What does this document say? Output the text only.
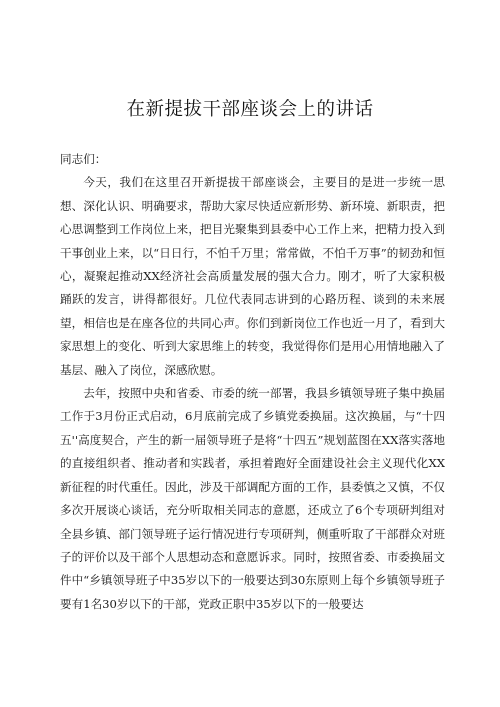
在新提拔干部座谈会上的讲话

同志们：

今天，我们在这里召开新提拔干部座谈会，主要目的是进一步统一思想、深化认识、明确要求，帮助大家尽快适应新形势、新环境、新职责，把心思调整到工作岗位上来，把目光聚集到县委中心工作上来，把精力投入到干事创业上来，以“日日行，不怕千万里；常常做，不怕千万事”的韧劲和恒心，凝聚起推动XX经济社会高质量发展的强大合力。刚才，听了大家积极踊跃的发言，讲得都很好。几位代表同志讲到的心路历程、谈到的未来展望，相信也是在座各位的共同心声。你们到新岗位工作也近一月了，看到大家思想上的变化、听到大家思维上的转变，我觉得你们是用心用情地融入了基层、融入了岗位，深感欣慰。

去年，按照中央和省委、市委的统一部署，我县乡镇领导班子集中换届工作于3月份正式启动，6月底前完成了乡镇党委换届。这次换届，与“十四五''高度契合，产生的新一届领导班子是将“十四五”规划蓝图在XX落实落地的直接组织者、推动者和实践者，承担着跑好全面建设社会主义现代化XX新征程的时代重任。因此，涉及干部调配方面的工作，县委慎之又慎，不仅多次开展谈心谈话，充分听取相关同志的意愿，还成立了6个专项研判组对全县乡镇、部门领导班子运行情况进行专项研判，侧重听取了干部群众对班子的评价以及干部个人思想动态和意愿诉求。同时，按照省委、市委换届文件中“乡镇领导班子中35岁以下的一般要达到30东原则上每个乡镇领导班子要有1名30岁以下的干部，党政正职中35岁以下的一般要达
